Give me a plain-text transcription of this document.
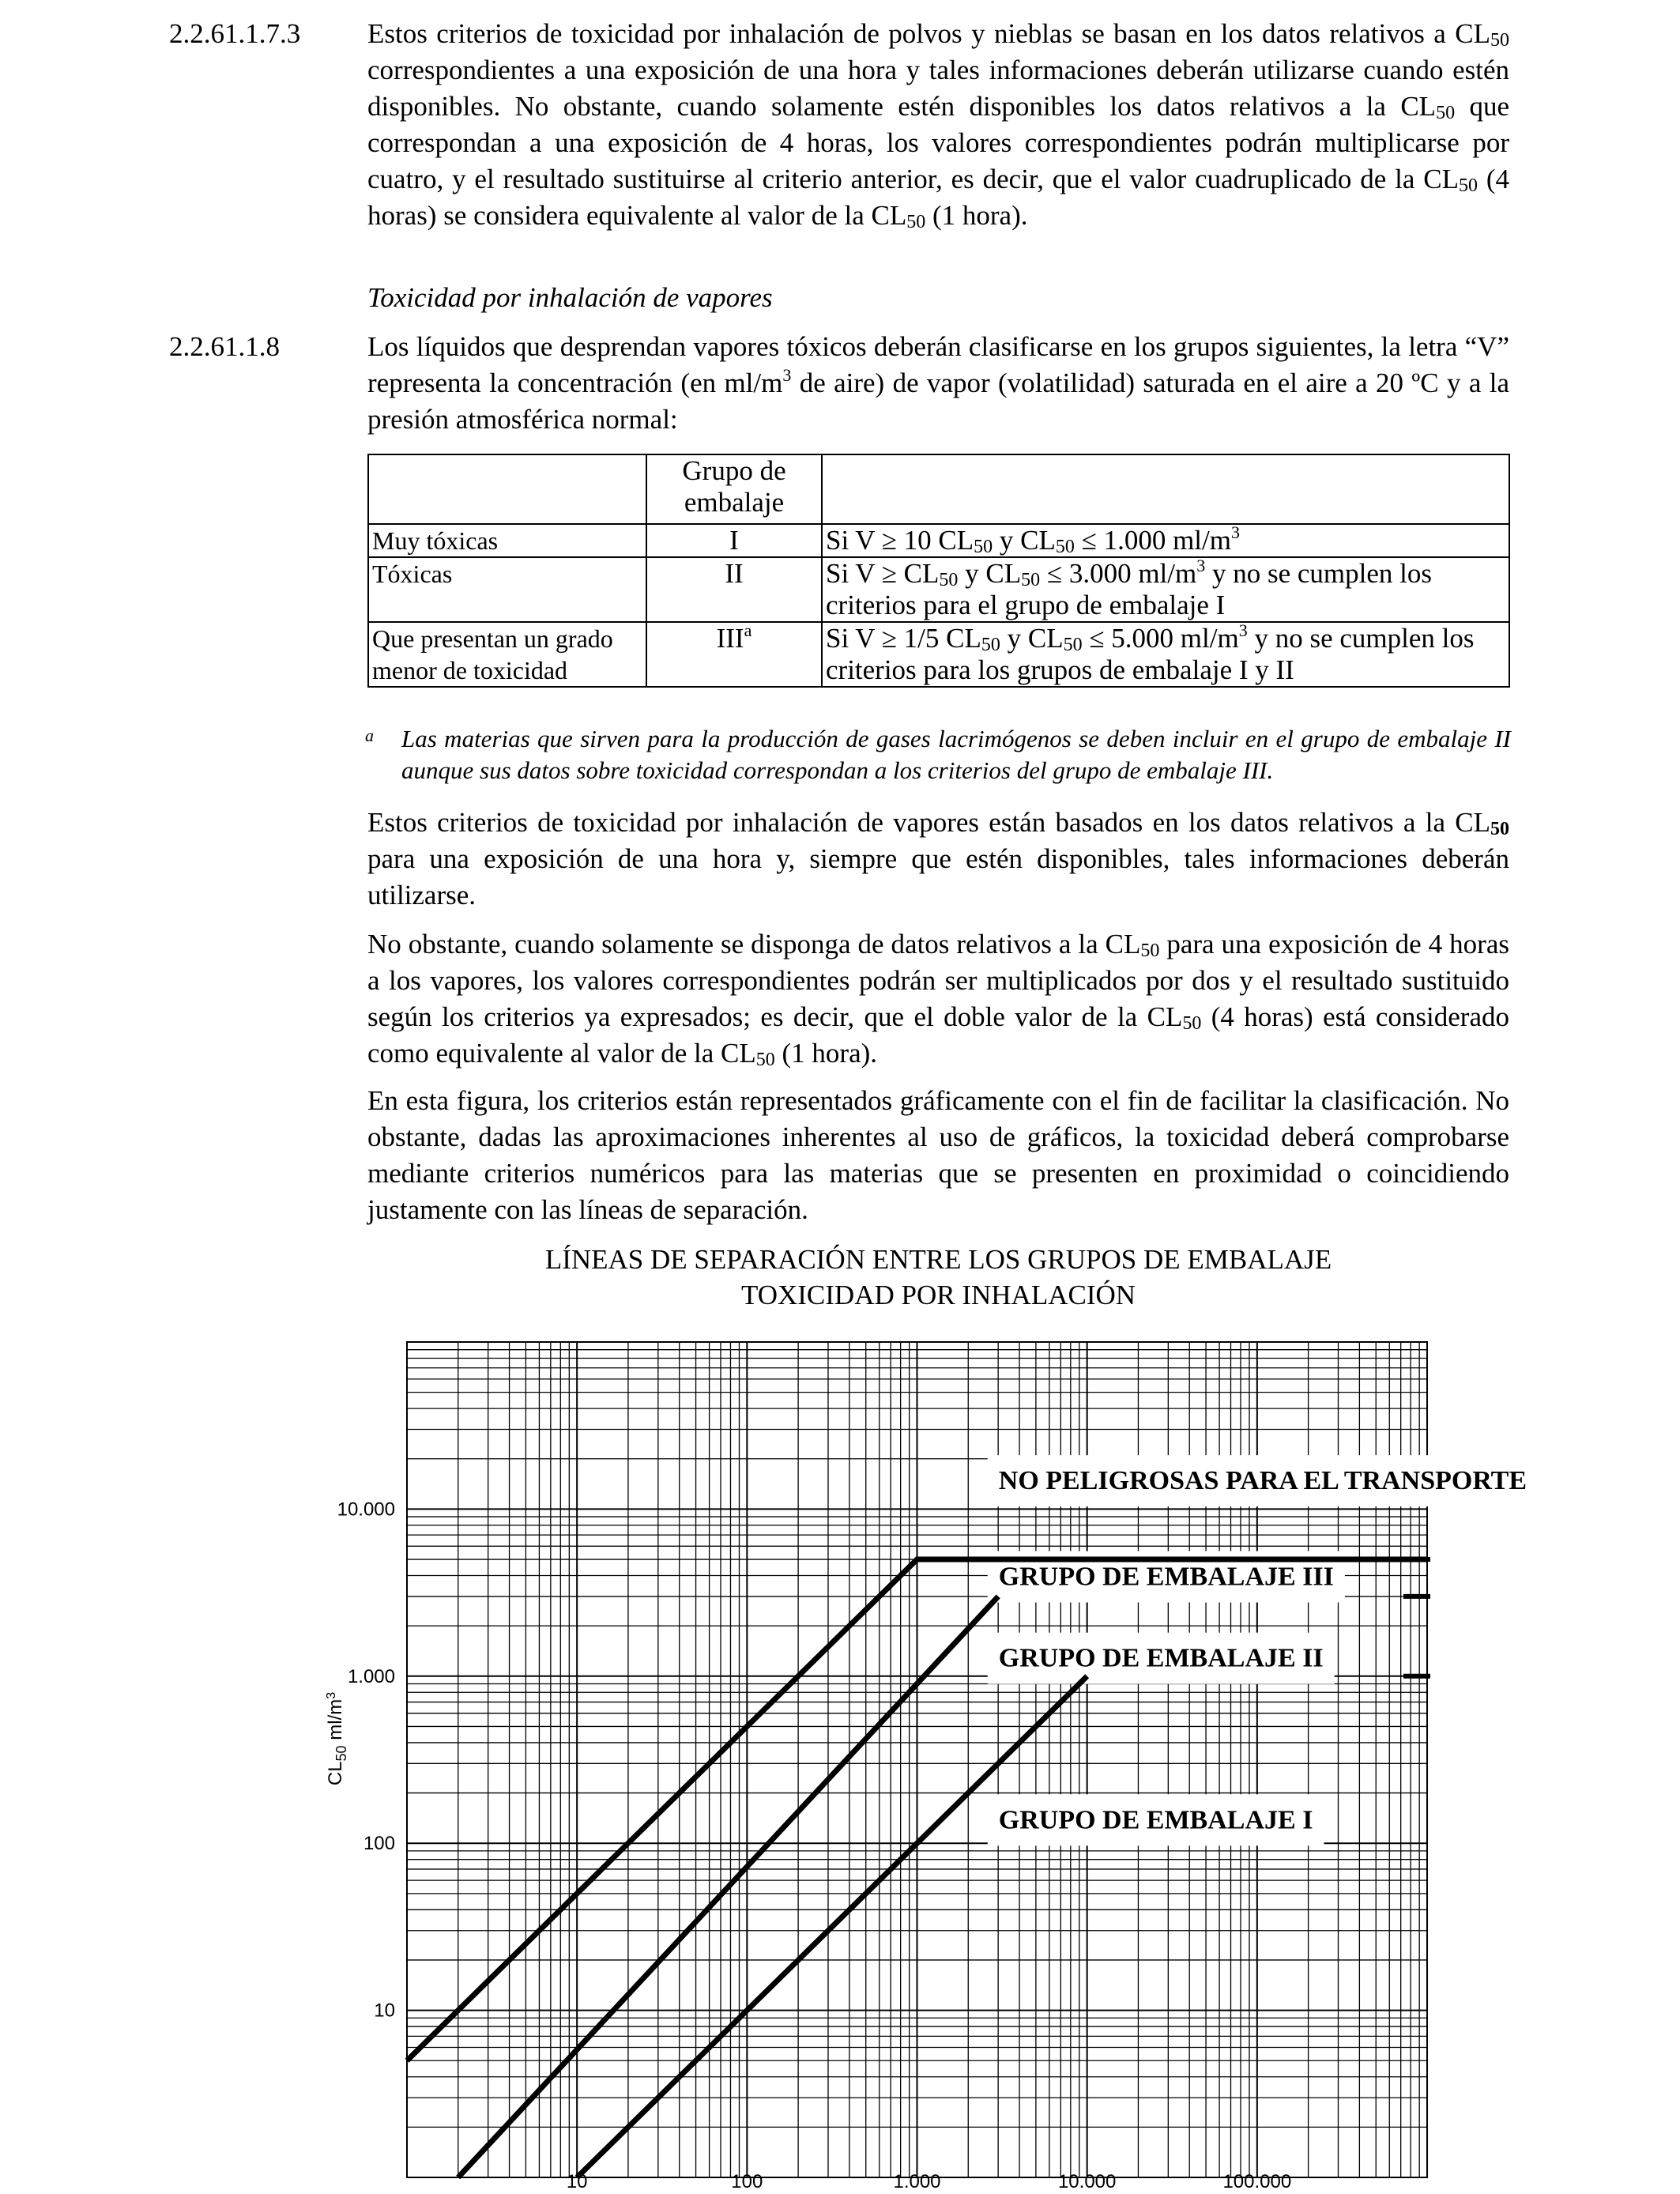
2.2.61.1.7.3 Estos criterios de toxicidad por inhalación de polvos y nieblas se basan en los datos relativos a $CL_{50}$ correspondientes a una exposición de una hora y tales informaciones deberán utilizarse cuando estén disponibles. No obstante, cuando solamente estén disponibles los datos relativos a la $CL_{50}$ que correspondan a una exposición de 4 horas, los valores correspondientes podrán multiplicarse por cuatro, y el resultado sustituirse al criterio anterior, es decir, que el valor cuadruplicado de la $CL_{50}$ (4 horas) se considera equivalente al valor de la $CL_{50}$ (1 hora).

Toxicidad por inhalación de vapores

2.2.61.1.8	Los líquidos que desprendan vapores tóxicos deberán clasificarse en los grupos siguientes, la letra “V” representa la concentración (en $ml/m^3$ de aire) de vapor (volatilidad) saturada en el aire a 20 ºC y a la presión atmosférica normal:

	Grupo de embalaje	
Muy tóxicas	I	Si V ≥ 10 $CL_{50}$ y $CL_{50} \le 1.000$ $ml/m^3$
Tóxicas	II	Si $V \ge CL_{50}$ y $CL_{50} \le 3.000$ $ml/m^3$ y no se cumplen los criterios para el grupo de embalaje I
Que presentan un grado menor de toxicidad	III$^a$	Si V ≥ 1/5 $CL_{50}$ y $CL_{50} \le 5.000$ $ml/m^3$ y no se cumplen los criterios para los grupos de embalaje I y II
a Las materias que sirven para la producción de gases lacrimógenos se deben incluir en el grupo de embalaje II aunque sus datos sobre toxicidad correspondan a los criterios del grupo de embalaje III.

Estos criterios de toxicidad por inhalación de vapores están basados en los datos relativos a la $CL_{50}$ para una exposición de una hora y, siempre que estén disponibles, tales informaciones deberán utilizarse.

No obstante, cuando solamente se disponga de datos relativos a la $CL_{50}$ para una exposición de 4 horas a los vapores, los valores correspondientes podrán ser multiplicados por dos y el resultado sustituido según los criterios ya expresados; es decir, que el doble valor de la $CL_{50}$ (4 horas) está considerado como equivalente al valor de la $CL_{50}$ (1 hora).

En esta figura, los criterios están representados gráficamente con el fin de facilitar la clasificación. No obstante, dadas las aproximaciones inherentes al uso de gráficos, la toxicidad deberá comprobarse mediante criterios numéricos para las materias que se presenten en proximidad o coincidiendo justamente con las líneas de separación.

LÍNEAS DE SEPARACIÓN ENTRE LOS GRUPOS DE EMBALAJE
TOXICIDAD POR INHALACIÓN
NO PELIGROSAS PARA EL TRANSPORTE
GRUPO DE EMBALAJE III
GRUPO DE EMBALAJE II
GRUPO DE EMBALAJE I
10	100	1.000	10.000	100.000
10
100
1.000
10.000
$CL_{50}$ $ml/m^3$
